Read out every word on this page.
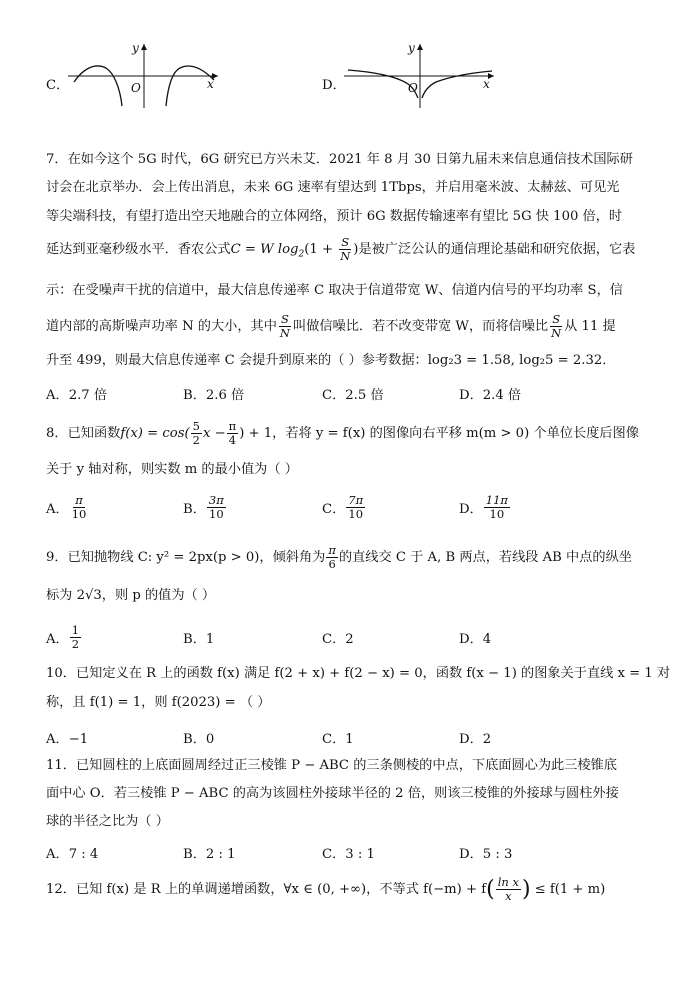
C．
y
x
O	D．
y
x
O
7．在如今这个 5G 时代，6G 研究已方兴未艾．2021 年 8 月 30 日第九届未来信息通信技术国际研
讨会在北京举办．会上传出消息，未来 6G 速率有望达到 1Tbps，并启用毫米波、太赫兹、可见光
等尖端科技，有望打造出空天地融合的立体网络，预计 6G 数据传输速率有望比 5G 快 100 倍，时
延达到亚毫秒级水平．香农公式 C = W $\log_2(1 + \frac{S}{N}$ ) 是被广泛公认的通信理论基础和研究依据，它表
示：在受噪声干扰的信道中，最大信息传递率 C 取决于信道带宽 W、信道内信号的平均功率 S，信
道内部的高斯噪声功率 N 的大小，其中 $\frac{S}{N}$ 叫做信噪比．若不改变带宽 W，而将信噪比 $\frac{S}{N}$ 从 11 提
升至 499，则最大信息传递率 C 会提升到原来的（ ）参考数据：log₂3 = 1.58, log₂5 = 2.32．
A．2.7 倍	B．2.6 倍	C．2.5 倍	D．2.4 倍
8．已知函数 $f(x) = \cos( \frac{5}{2}$ $x - \frac{\pi}{4}$ ) + 1 ，若将 y = f(x) 的图像向右平移 m(m > 0) 个单位长度后图像
关于 y 轴对称，则实数 m 的最小值为（ ）
A． $\frac{\pi}{10}$	B． $\frac{3\pi}{10}$	C． $\frac{7\pi}{10}$	D． $\frac{11\pi}{10}$
9．已知抛物线 C: y² = 2px(p > 0)，倾斜角为 $\frac{\pi}{6}$ 的直线交 C 于 A, B 两点，若线段 AB 中点的纵坐
标为 2√3，则 p 的值为（ ）
A． $\frac{1}{2}$	B．1	C．2	D．4
10．已知定义在 R 上的函数 f(x) 满足 f(2 + x) + f(2 − x) = 0，函数 f(x − 1) 的图象关于直线 x = 1 对
称，且 f(1) = 1，则 f(2023) = （ ）
A．−1	B．0	C．1	D．2
11．已知圆柱的上底面圆周经过正三棱锥 P − ABC 的三条侧棱的中点，下底面圆心为此三棱锥底
面中心 O．若三棱锥 P − ABC 的高为该圆柱外接球半径的 2 倍，则该三棱锥的外接球与圆柱外接
球的半径之比为（ ）
A．7 : 4	B．2 : 1	C．3 : 1	D．5 : 3
12．已知 f(x) 是 R 上的单调递增函数，∀x ∈ (0, +∞)，不等式 f(−m) + f ( $\frac{\text{ln x}}{x}$ ) ≤ f(1 + m)
